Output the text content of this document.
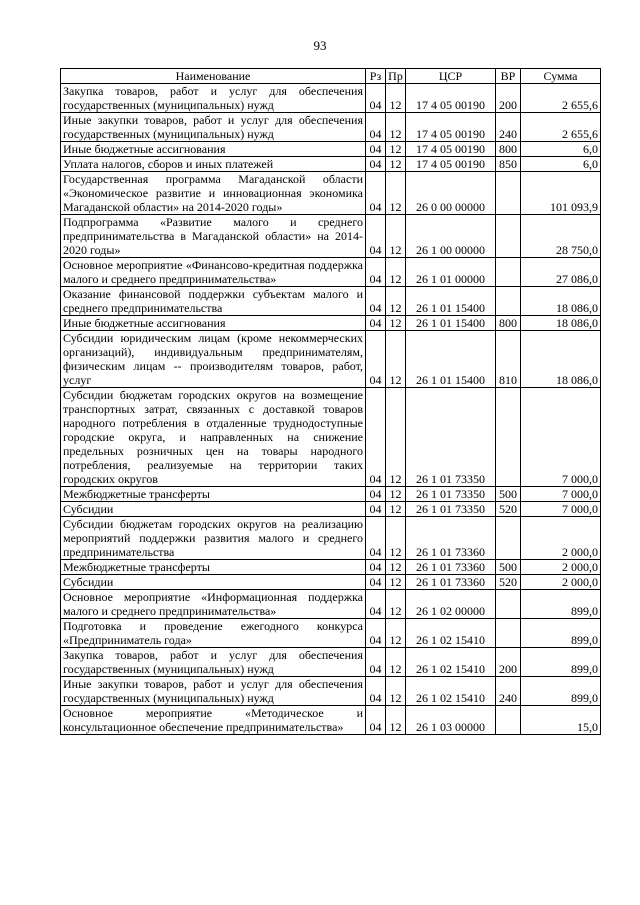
93
Наименование	Рз	Пр	ЦСР	ВР	Сумма
Закупка товаров, работ и услуг для обеспечения государственных (муниципальных) нужд	04	12	17 4 05 00190	200	2 655,6
Иные закупки товаров, работ и услуг для обеспечения государственных (муниципальных) нужд	04	12	17 4 05 00190	240	2 655,6
Иные бюджетные ассигнования	04	12	17 4 05 00190	800	6,0
Уплата налогов, сборов и иных платежей	04	12	17 4 05 00190	850	6,0
Государственная программа Магаданской области «Экономическое развитие и инновационная экономика Магаданской области» на 2014-2020 годы»	04	12	26 0 00 00000		101 093,9
Подпрограмма «Развитие малого и среднего предпринимательства в Магаданской области» на 2014-2020 годы»	04	12	26 1 00 00000		28 750,0
Основное мероприятие «Финансово-кредитная поддержка малого и среднего предпринимательства»	04	12	26 1 01 00000		27 086,0
Оказание финансовой поддержки субъектам малого и среднего предпринимательства	04	12	26 1 01 15400		18 086,0
Иные бюджетные ассигнования	04	12	26 1 01 15400	800	18 086,0
Субсидии юридическим лицам (кроме некоммерческих организаций), индивидуальным предпринимателям, физическим лицам -- производителям товаров, работ, услуг	04	12	26 1 01 15400	810	18 086,0
Субсидии бюджетам городских округов на возмещение транспортных затрат, связанных с доставкой товаров народного потребления в отдаленные труднодоступные городские округа, и направленных на снижение предельных розничных цен на товары народного потребления, реализуемые на территории таких городских округов	04	12	26 1 01 73350		7 000,0
Межбюджетные трансферты	04	12	26 1 01 73350	500	7 000,0
Субсидии	04	12	26 1 01 73350	520	7 000,0
Субсидии бюджетам городских округов на реализацию мероприятий поддержки развития малого и среднего предпринимательства	04	12	26 1 01 73360		2 000,0
Межбюджетные трансферты	04	12	26 1 01 73360	500	2 000,0
Субсидии	04	12	26 1 01 73360	520	2 000,0
Основное мероприятие «Информационная поддержка малого и среднего предпринимательства»	04	12	26 1 02 00000		899,0
Подготовка и проведение ежегодного конкурса «Предприниматель года»	04	12	26 1 02 15410		899,0
Закупка товаров, работ и услуг для обеспечения государственных (муниципальных) нужд	04	12	26 1 02 15410	200	899,0
Иные закупки товаров, работ и услуг для обеспечения государственных (муниципальных) нужд	04	12	26 1 02 15410	240	899,0
Основное мероприятие «Методическое и консультационное обеспечение предпринимательства»	04	12	26 1 03 00000		15,0
